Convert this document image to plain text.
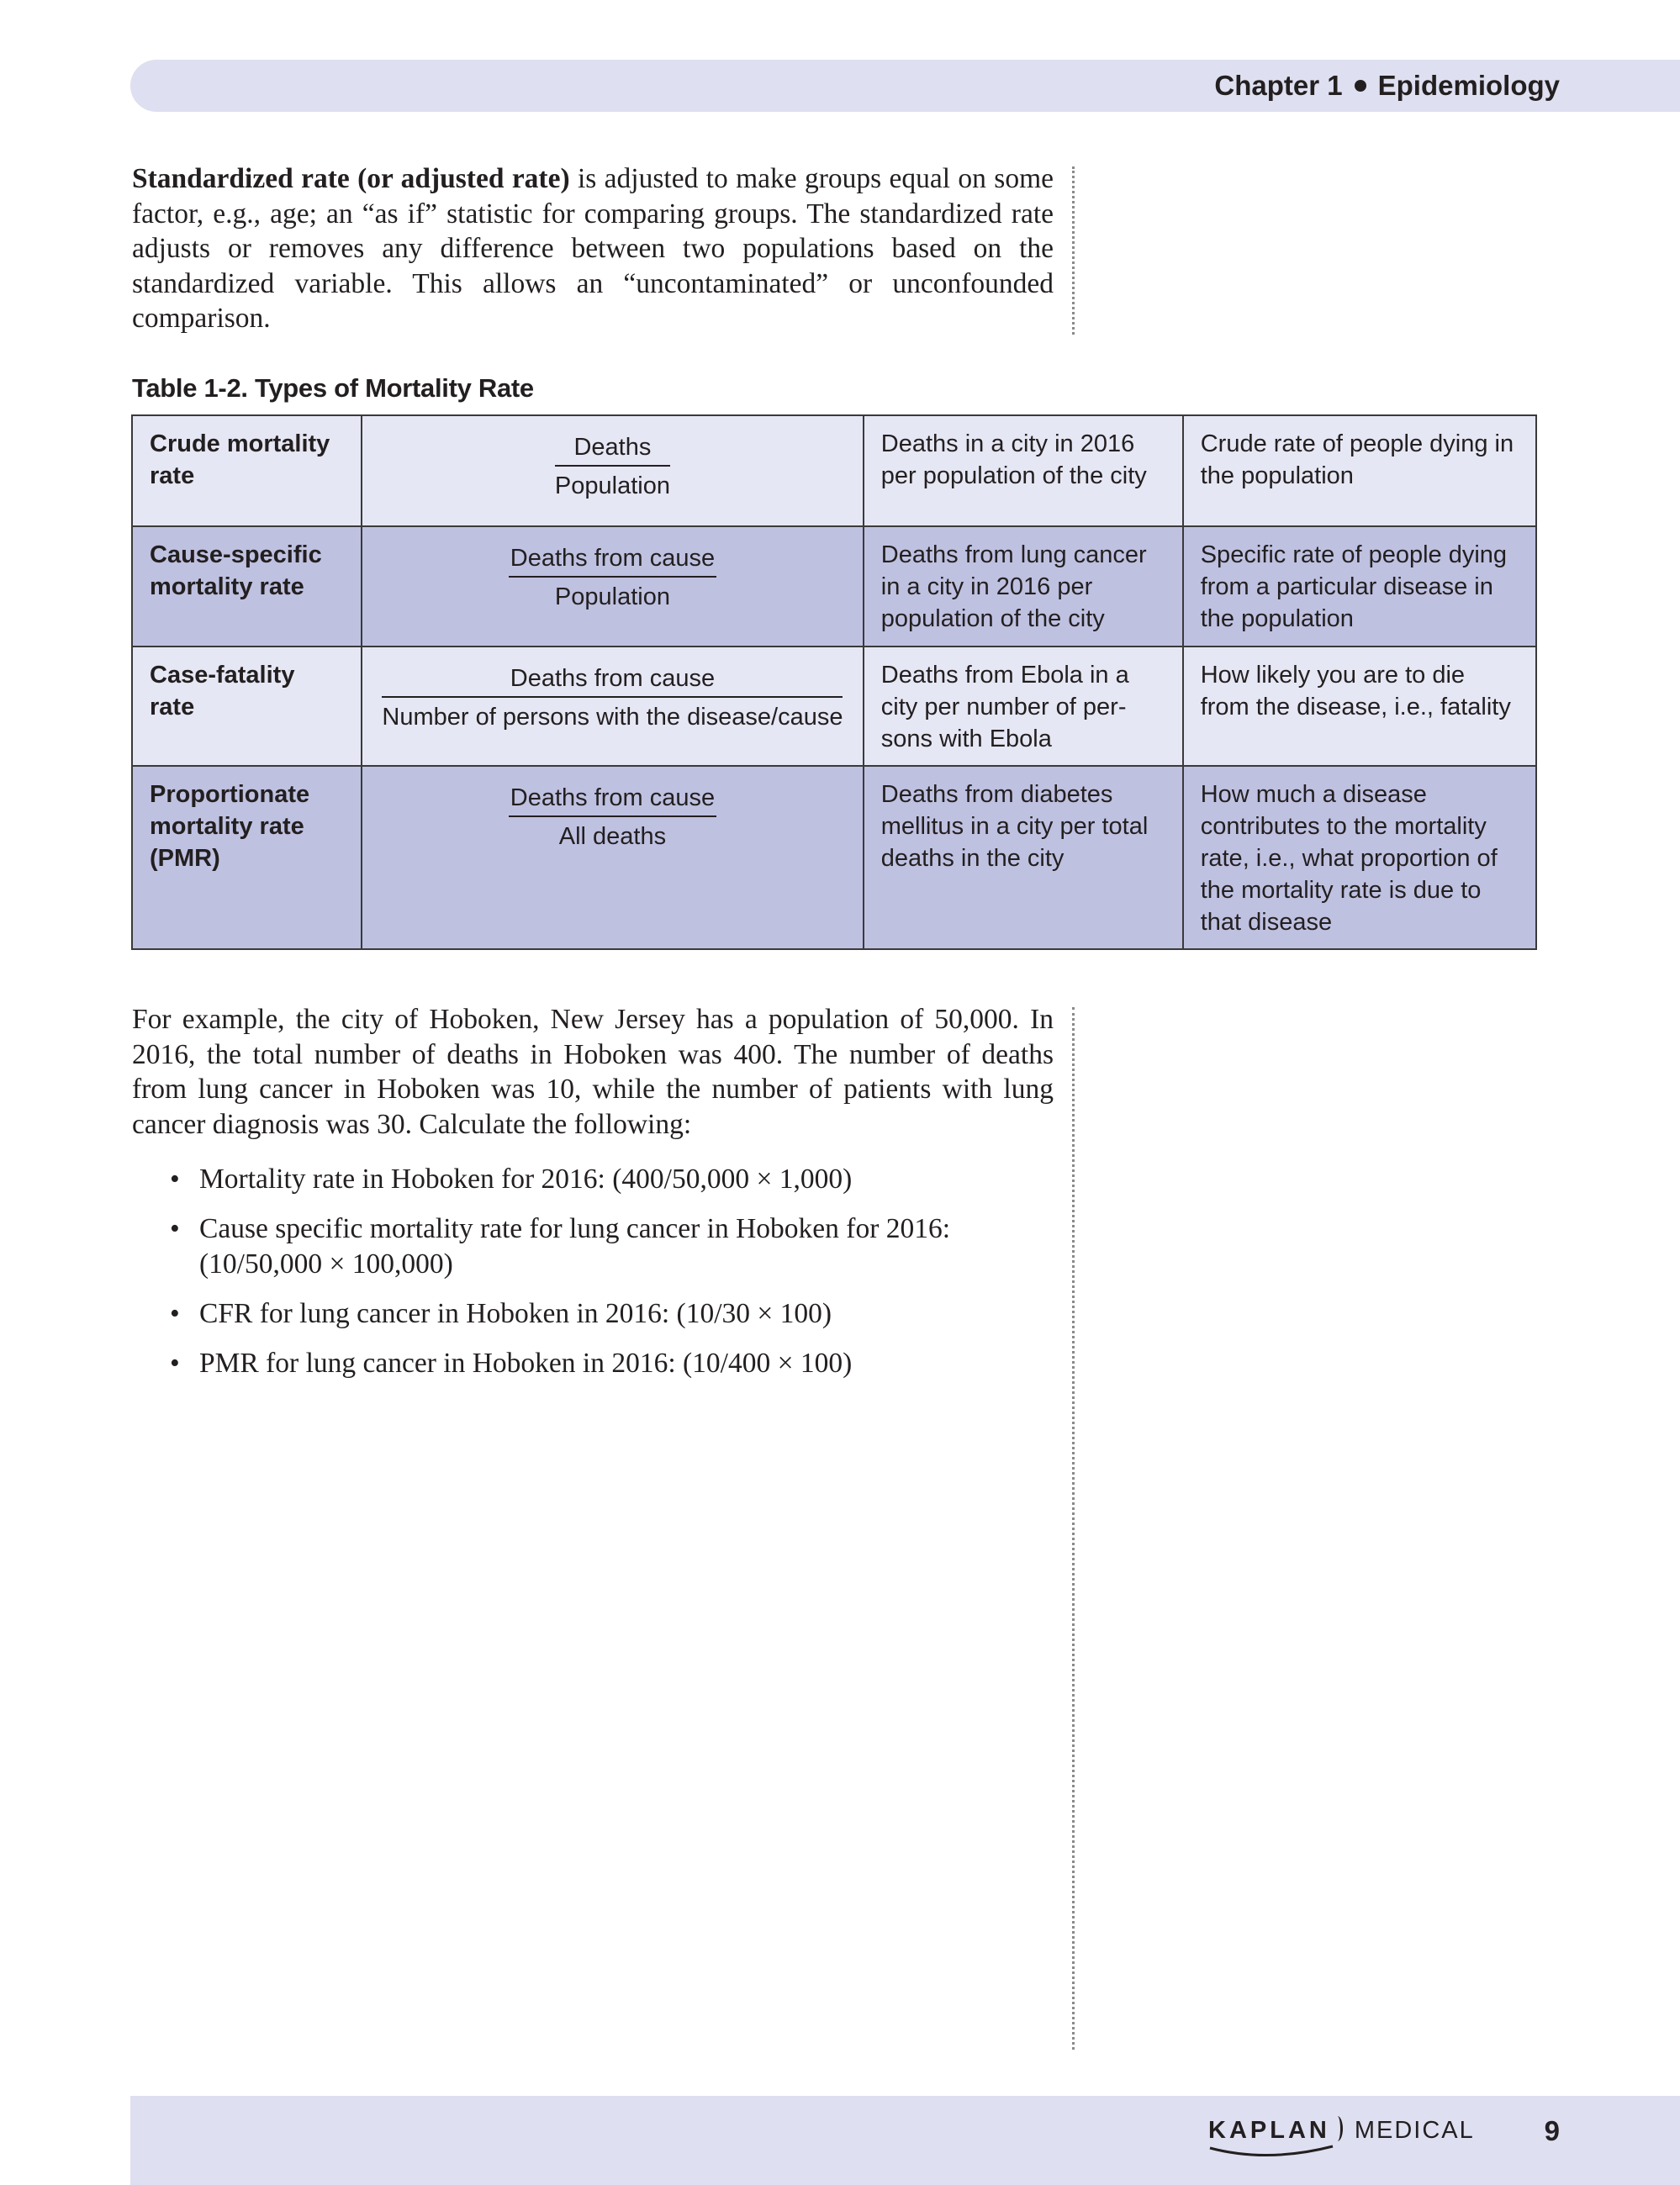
Chapter 1 Epidemiology

Standardized rate (or adjusted rate) is adjusted to make groups equal on some factor, e.g., age; an “as if” statistic for comparing groups. The standardized rate adjusts or removes any difference between two populations based on the standardized variable. This allows an “uncontaminated” or unconfounded comparison.

Table 1-2. Types of Mortality Rate

Crude mortality rate	$\frac{\text{Deaths}}{\text{Population}}$	Deaths in a city in 2016 per population of the city	Crude rate of people dying in the population
Cause-specific mortality rate	$\frac{\text{Deaths from cause}}{\text{Population}}$	Deaths from lung cancer in a city in 2016 per population of the city	Specific rate of people dying from a particular disease in the population
Case-fatality rate	$\frac{\text{Deaths from cause}}{\text{Number of persons with the disease/cause}}$	Deaths from Ebola in a city per number of per-sons with Ebola	How likely you are to die from the disease, i.e., fatality
Proportionate mortality rate (PMR)	$\frac{\text{Deaths from cause}}{\text{All deaths}}$	Deaths from diabetes mellitus in a city per total deaths in the city	How much a disease contributes to the mortality rate, i.e., what proportion of the mortality rate is due to that disease

For example, the city of Hoboken, New Jersey has a population of 50,000. In 2016, the total number of deaths in Hoboken was 400. The number of deaths from lung cancer in Hoboken was 10, while the number of patients with lung cancer diagnosis was 30. Calculate the following:

• Mortality rate in Hoboken for 2016: (400/50,000 × 1,000)
• Cause specific mortality rate for lung cancer in Hoboken for 2016: (10/50,000 × 100,000)
• CFR for lung cancer in Hoboken in 2016: (10/30 × 100)
• PMR for lung cancer in Hoboken in 2016: (10/400 × 100)
KAPLAN MEDICAL	9
